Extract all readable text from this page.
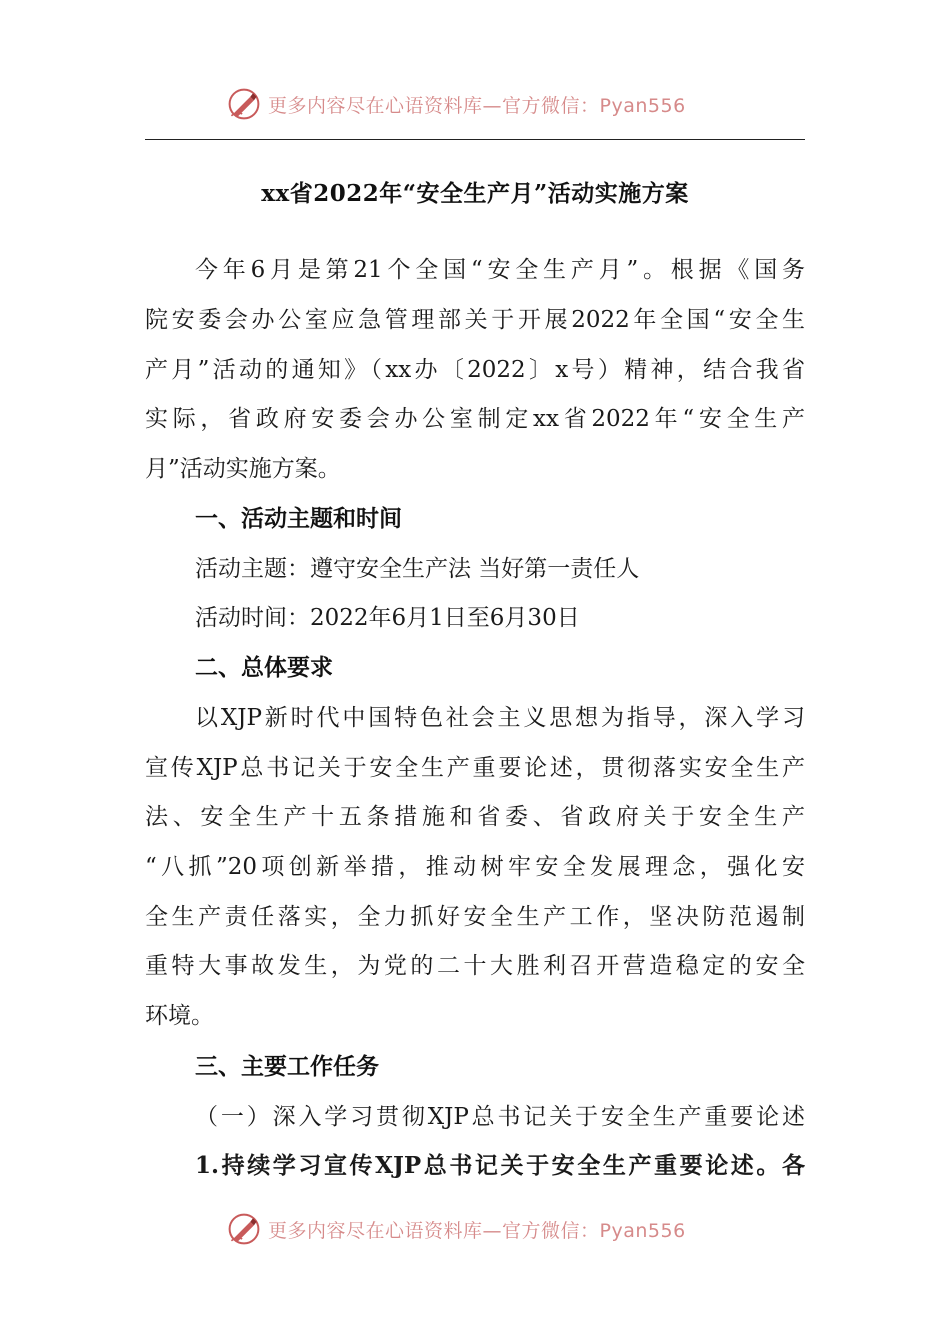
更多内容尽在心语资料库—官方微信：Pyan556
xx省2022年“安全生产月”活动实施方案
今年6月是第21个全国“安全生产月”。根据《国务
院安委会办公室应急管理部关于开展2022年全国“安全生
产月”活动的通知》（xx办〔2022〕x号）精神，结合我省
实际，省政府安委会办公室制定xx省2022年“安全生产
月”活动实施方案。
一、活动主题和时间
活动主题：遵守安全生产法 当好第一责任人
活动时间：2022年6月1日至6月30日
二、总体要求
以XJP新时代中国特色社会主义思想为指导，深入学习
宣传XJP总书记关于安全生产重要论述，贯彻落实安全生产
法、安全生产十五条措施和省委、省政府关于安全生产
“八抓”20项创新举措，推动树牢安全发展理念，强化安
全生产责任落实，全力抓好安全生产工作，坚决防范遏制
重特大事故发生，为党的二十大胜利召开营造稳定的安全
环境。
三、主要工作任务
（一）深入学习贯彻XJP总书记关于安全生产重要论述
1.持续学习宣传XJP总书记关于安全生产重要论述。各
更多内容尽在心语资料库—官方微信：Pyan556
